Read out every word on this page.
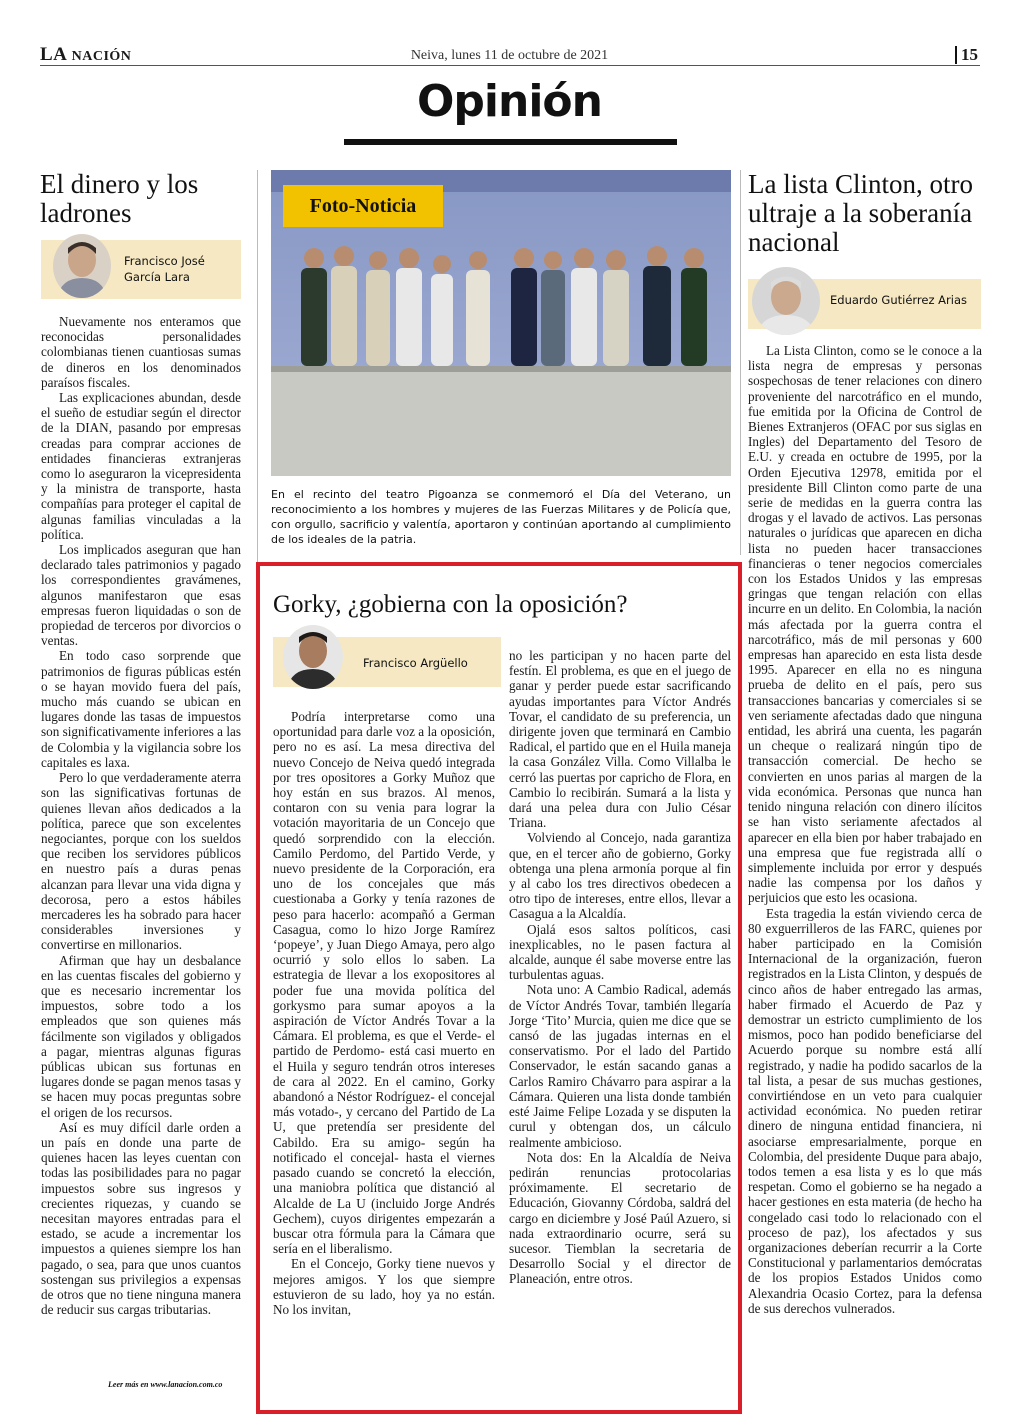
LA NACIÓN	Neiva, lunes 11 de octubre de 2021	15
Opinión
El dinero y los ladrones
Francisco José García Lara

Nuevamente nos enteramos que reconocidas personalidades colombianas tienen cuantiosas sumas de dineros en los denominados paraísos fiscales.

Las explicaciones abundan, desde el sueño de estudiar según el director de la DIAN, pasando por empresas creadas para comprar acciones de entidades financieras extranjeras como lo aseguraron la vicepresidenta y la ministra de transporte, hasta compañías para proteger el capital de algunas familias vinculadas a la política.

Los implicados aseguran que han declarado tales patrimonios y pagado los correspondientes gravámenes, algunos manifestaron que esas empresas fueron liquidadas o son de propiedad de terceros por divorcios o ventas.

En todo caso sorprende que patrimonios de figuras públicas estén o se hayan movido fuera del país, mucho más cuando se ubican en lugares donde las tasas de impuestos son significativamente inferiores a las de Colombia y la vigilancia sobre los capitales es laxa.

Pero lo que verdaderamente aterra son las significativas fortunas de quienes llevan años dedicados a la política, parece que son excelentes negociantes, porque con los sueldos que reciben los servidores públicos en nuestro país a duras penas alcanzan para llevar una vida digna y decorosa, pero a estos hábiles mercaderes les ha sobrado para hacer considerables inversiones y convertirse en millonarios.

Afirman que hay un desbalance en las cuentas fiscales del gobierno y que es necesario incrementar los impuestos, sobre todo a los empleados que son quienes más fácilmente son vigilados y obligados a pagar, mientras algunas figuras públicas ubican sus fortunas en lugares donde se pagan menos tasas y se hacen muy pocas preguntas sobre el origen de los recursos.

Así es muy difícil darle orden a un país en donde una parte de quienes hacen las leyes cuentan con todas las posibilidades para no pagar impuestos sobre sus ingresos y crecientes riquezas, y cuando se necesitan mayores entradas para el estado, se acude a incrementar los impuestos a quienes siempre los han pagado, o sea, para que unos cuantos sostengan sus privilegios a expensas de otros que no tiene ninguna manera de reducir sus cargas tributarias.

Leer más en www.lanacion.com.co
Foto-Noticia
En el recinto del teatro Pigoanza se conmemoró el Día del Veterano, un reconocimiento a los hombres y mujeres de las Fuerzas Militares y de Policía que, con orgullo, sacrificio y valentía, aportaron y continúan aportando al cumplimiento de los ideales de la patria.
Gorky, ¿gobierna con la oposición?
Francisco Argüello

Podría interpretarse como una oportunidad para darle voz a la oposición, pero no es así. La mesa directiva del nuevo Concejo de Neiva quedó integrada por tres opositores a Gorky Muñoz que hoy están en sus brazos. Al menos, contaron con su venia para lograr la votación mayoritaria de un Concejo que quedó sorprendido con la elección. Camilo Perdomo, del Partido Verde, y nuevo presidente de la Corporación, era uno de los concejales que más cuestionaba a Gorky y tenía razones de peso para hacerlo: acompañó a German Casagua, como lo hizo Jorge Ramírez ‘popeye’, y Juan Diego Amaya, pero algo ocurrió y solo ellos lo saben. La estrategia de llevar a los exopositores al poder fue una movida política del gorkysmo para sumar apoyos a la aspiración de Víctor Andrés Tovar a la Cámara. El problema, es que el Verde- el partido de Perdomo- está casi muerto en el Huila y seguro tendrán otros intereses de cara al 2022. En el camino, Gorky abandonó a Néstor Rodríguez- el concejal más votado-, y cercano del Partido de La U, que pretendía ser presidente del Cabildo. Era su amigo- según ha notificado el concejal- hasta el viernes pasado cuando se concretó la elección, una maniobra política que distanció al Alcalde de La U (incluido Jorge Andrés Gechem), cuyos dirigentes empezarán a buscar otra fórmula para la Cámara que sería en el liberalismo.

En el Concejo, Gorky tiene nuevos y mejores amigos. Y los que siempre estuvieron de su lado, hoy ya no están. No los invitan,

no les participan y no hacen parte del festín. El problema, es que en el juego de ganar y perder puede estar sacrificando ayudas importantes para Víctor Andrés Tovar, el candidato de su preferencia, un dirigente joven que terminará en Cambio Radical, el partido que en el Huila maneja la casa González Villa. Como Villalba le cerró las puertas por capricho de Flora, en Cambio lo recibirán. Sumará a la lista y dará una pelea dura con Julio César Triana.

Volviendo al Concejo, nada garantiza que, en el tercer año de gobierno, Gorky obtenga una plena armonía porque al fin y al cabo los tres directivos obedecen a otro tipo de intereses, entre ellos, llevar a Casagua a la Alcaldía.

Ojalá esos saltos políticos, casi inexplicables, no le pasen factura al alcalde, aunque él sabe moverse entre las turbulentas aguas.

Nota uno: A Cambio Radical, además de Víctor Andrés Tovar, también llegaría Jorge ‘Tito’ Murcia, quien me dice que se cansó de las jugadas internas en el conservatismo. Por el lado del Partido Conservador, le están sacando ganas a Carlos Ramiro Chávarro para aspirar a la Cámara. Quieren una lista donde también esté Jaime Felipe Lozada y se disputen la curul y obtengan dos, un cálculo realmente ambicioso.

Nota dos: En la Alcaldía de Neiva pedirán renuncias protocolarias próximamente. El secretario de Educación, Giovanny Córdoba, saldrá del cargo en diciembre y José Paúl Azuero, si nada extraordinario ocurre, será su sucesor. Tiemblan la secretaria de Desarrollo Social y el director de Planeación, entre otros.

La lista Clinton, otro ultraje a la soberanía nacional
Eduardo Gutiérrez Arias

La Lista Clinton, como se le conoce a la lista negra de empresas y personas sospechosas de tener relaciones con dinero proveniente del narcotráfico en el mundo, fue emitida por la Oficina de Control de Bienes Extranjeros (OFAC por sus siglas en Ingles) del Departamento del Tesoro de E.U. y creada en octubre de 1995, por la Orden Ejecutiva 12978, emitida por el presidente Bill Clinton como parte de una serie de medidas en la guerra contra las drogas y el lavado de activos. Las personas naturales o jurídicas que aparecen en dicha lista no pueden hacer transacciones financieras o tener negocios comerciales con los Estados Unidos y las empresas gringas que tengan relación con ellas incurre en un delito. En Colombia, la nación más afectada por la guerra contra el narcotráfico, más de mil personas y 600 empresas han aparecido en esta lista desde 1995. Aparecer en ella no es ninguna prueba de delito en el país, pero sus transacciones bancarias y comerciales si se ven seriamente afectadas dado que ninguna entidad, les abrirá una cuenta, les pagarán un cheque o realizará ningún tipo de transacción comercial. De hecho se convierten en unos parias al margen de la vida económica. Personas que nunca han tenido ninguna relación con dinero ilícitos se han visto seriamente afectados al aparecer en ella bien por haber trabajado en una empresa que fue registrada allí o simplemente incluida por error y después nadie las compensa por los daños y perjuicios que esto les ocasiona.

Esta tragedia la están viviendo cerca de 80 exguerrilleros de las FARC, quienes por haber participado en la Comisión Internacional de la organización, fueron registrados en la Lista Clinton, y después de cinco años de haber entregado las armas, haber firmado el Acuerdo de Paz y demostrar un estricto cumplimiento de los mismos, poco han podido beneficiarse del Acuerdo porque su nombre está allí registrado, y nadie ha podido sacarlos de la tal lista, a pesar de sus muchas gestiones, convirtiéndose en un veto para cualquier actividad económica. No pueden retirar dinero de ninguna entidad financiera, ni asociarse empresarialmente, porque en Colombia, del presidente Duque para abajo, todos temen a esa lista y es lo que más respetan. Como el gobierno se ha negado a hacer gestiones en esta materia (de hecho ha congelado casi todo lo relacionado con el proceso de paz), los afectados y sus organizaciones deberían recurrir a la Corte Constitucional y parlamentarios demócratas de los propios Estados Unidos como Alexandria Ocasio Cortez, para la defensa de sus derechos vulnerados.
